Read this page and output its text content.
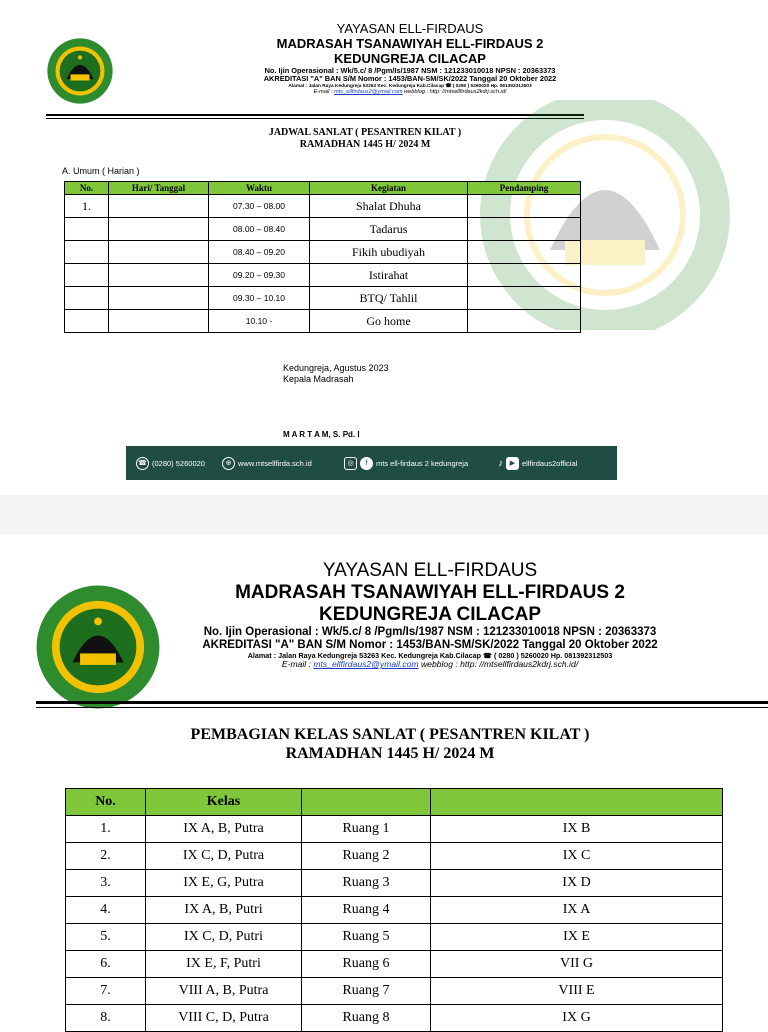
YAYASAN ELL-FIRDAUS
MADRASAH TSANAWIYAH ELL-FIRDAUS 2
KEDUNGREJA CILACAP
No. Ijin Operasional : Wk/5.c/ 8 /Pgm/Is/1987 NSM : 121233010018 NPSN : 20363373
AKREDITASI "A" BAN S/M Nomor : 1453/BAN-SM/SK/2022 Tanggal 20 Oktober 2022
Alamat : Jalan Raya Kedungreja 53263 Kec. Kedungreja Kab.Cilacap ☎ ( 0280 ) 5260020 Hp. 081392312503
E-mail : mts_ellfirdaus2@ymail.com webblog : http: //mtsellfirdaus2kdrj.sch.id/
JADWAL SANLAT ( PESANTREN KILAT )
RAMADHAN 1445 H/ 2024 M
A. Umum ( Harian )
No.	Hari/ Tanggal	Waktu	Kegiatan	Pendamping
1.		07.30 – 08.00	Shalat Dhuha	
		08.00 – 08.40	Tadarus	
		08.40 – 09.20	Fikih ubudiyah	
		09.20 – 09.30	Istirahat	
		09.30 – 10.10	BTQ/ Tahlil	
		10.10 -	Go home	
Kedungreja, Agustus 2023
Kepala Madrasah
M A R T A M, S. Pd. I
☎ (0280) 5260020	⊕ www.mtsellfirda.sch.id	◎	f	mts ell-firdaus 2 kedungreja	♪ ▶ ellfirdaus2official
YAYASAN ELL-FIRDAUS
MADRASAH TSANAWIYAH ELL-FIRDAUS 2
KEDUNGREJA CILACAP
No. Ijin Operasional : Wk/5.c/ 8 /Pgm/Is/1987 NSM : 121233010018 NPSN : 20363373
AKREDITASI "A" BAN S/M Nomor : 1453/BAN-SM/SK/2022 Tanggal 20 Oktober 2022
Alamat : Jalan Raya Kedungreja 53263 Kec. Kedungreja Kab.Cilacap ☎ ( 0280 ) 5260020 Hp. 081392312503
E-mail : mts_ellfirdaus2@ymail.com webblog : http: //mtsellfirdaus2kdrj.sch.id/
PEMBAGIAN KELAS SANLAT ( PESANTREN KILAT )
RAMADHAN 1445 H/ 2024 M
No.	Kelas		
1.	IX A, B, Putra	Ruang 1	IX B
2.	IX C, D, Putra	Ruang 2	IX C
3.	IX E, G, Putra	Ruang 3	IX D
4.	IX A, B, Putri	Ruang 4	IX A
5.	IX C, D, Putri	Ruang 5	IX E
6.	IX E, F, Putri	Ruang 6	VII G
7.	VIII A, B, Putra	Ruang 7	VIII E
8.	VIII C, D, Putra	Ruang 8	IX G
